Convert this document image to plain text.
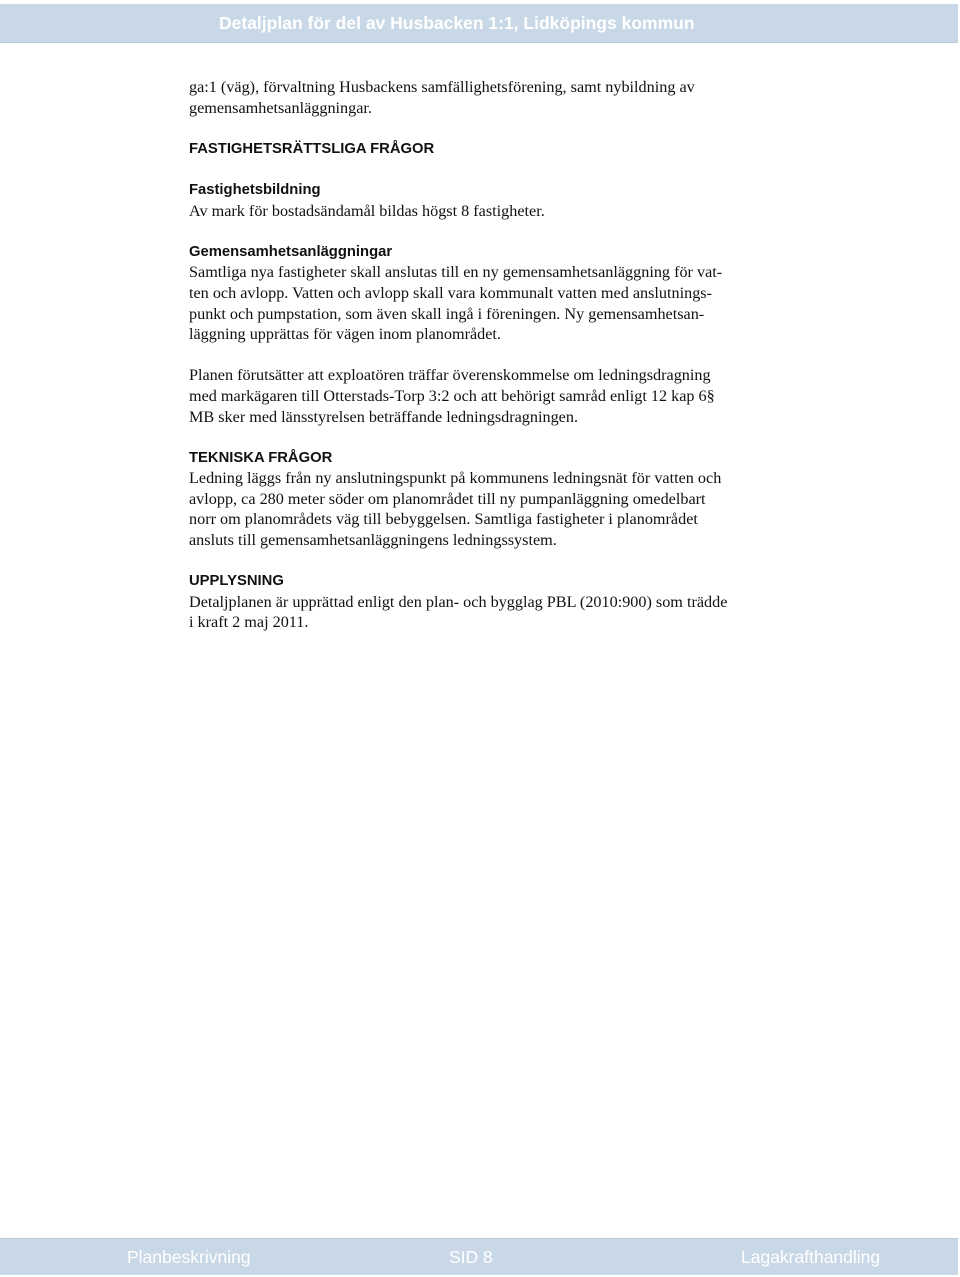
Detaljplan för del av Husbacken 1:1, Lidköpings kommun

ga:1 (väg), förvaltning Husbackens samfällighetsförening, samt nybildning av

gemensamhetsanläggningar.

FASTIGHETSRÄTTSLIGA FRÅGOR

Fastighetsbildning

Av mark för bostadsändamål bildas högst 8 fastigheter.

Gemensamhetsanläggningar

Samtliga nya fastigheter skall anslutas till en ny gemensamhetsanläggning för vat-

ten och avlopp. Vatten och avlopp skall vara kommunalt vatten med anslutnings-

punkt och pumpstation, som även skall ingå i föreningen. Ny gemensamhetsan-

läggning upprättas för vägen inom planområdet.

Planen förutsätter att exploatören träffar överenskommelse om ledningsdragning

med markägaren till Otterstads-Torp 3:2 och att behörigt samråd enligt 12 kap 6§

MB sker med länsstyrelsen beträffande ledningsdragningen.

TEKNISKA FRÅGOR

Ledning läggs från ny anslutningspunkt på kommunens ledningsnät för vatten och

avlopp, ca 280 meter söder om planområdet till ny pumpanläggning omedelbart

norr om planområdets väg till bebyggelsen. Samtliga fastigheter i planområdet

ansluts till gemensamhetsanläggningens ledningssystem.

UPPLYSNING

Detaljplanen är upprättad enligt den plan- och bygglag PBL (2010:900) som trädde

i kraft 2 maj 2011.

Planbeskrivning	SID 8	Lagakrafthandling
